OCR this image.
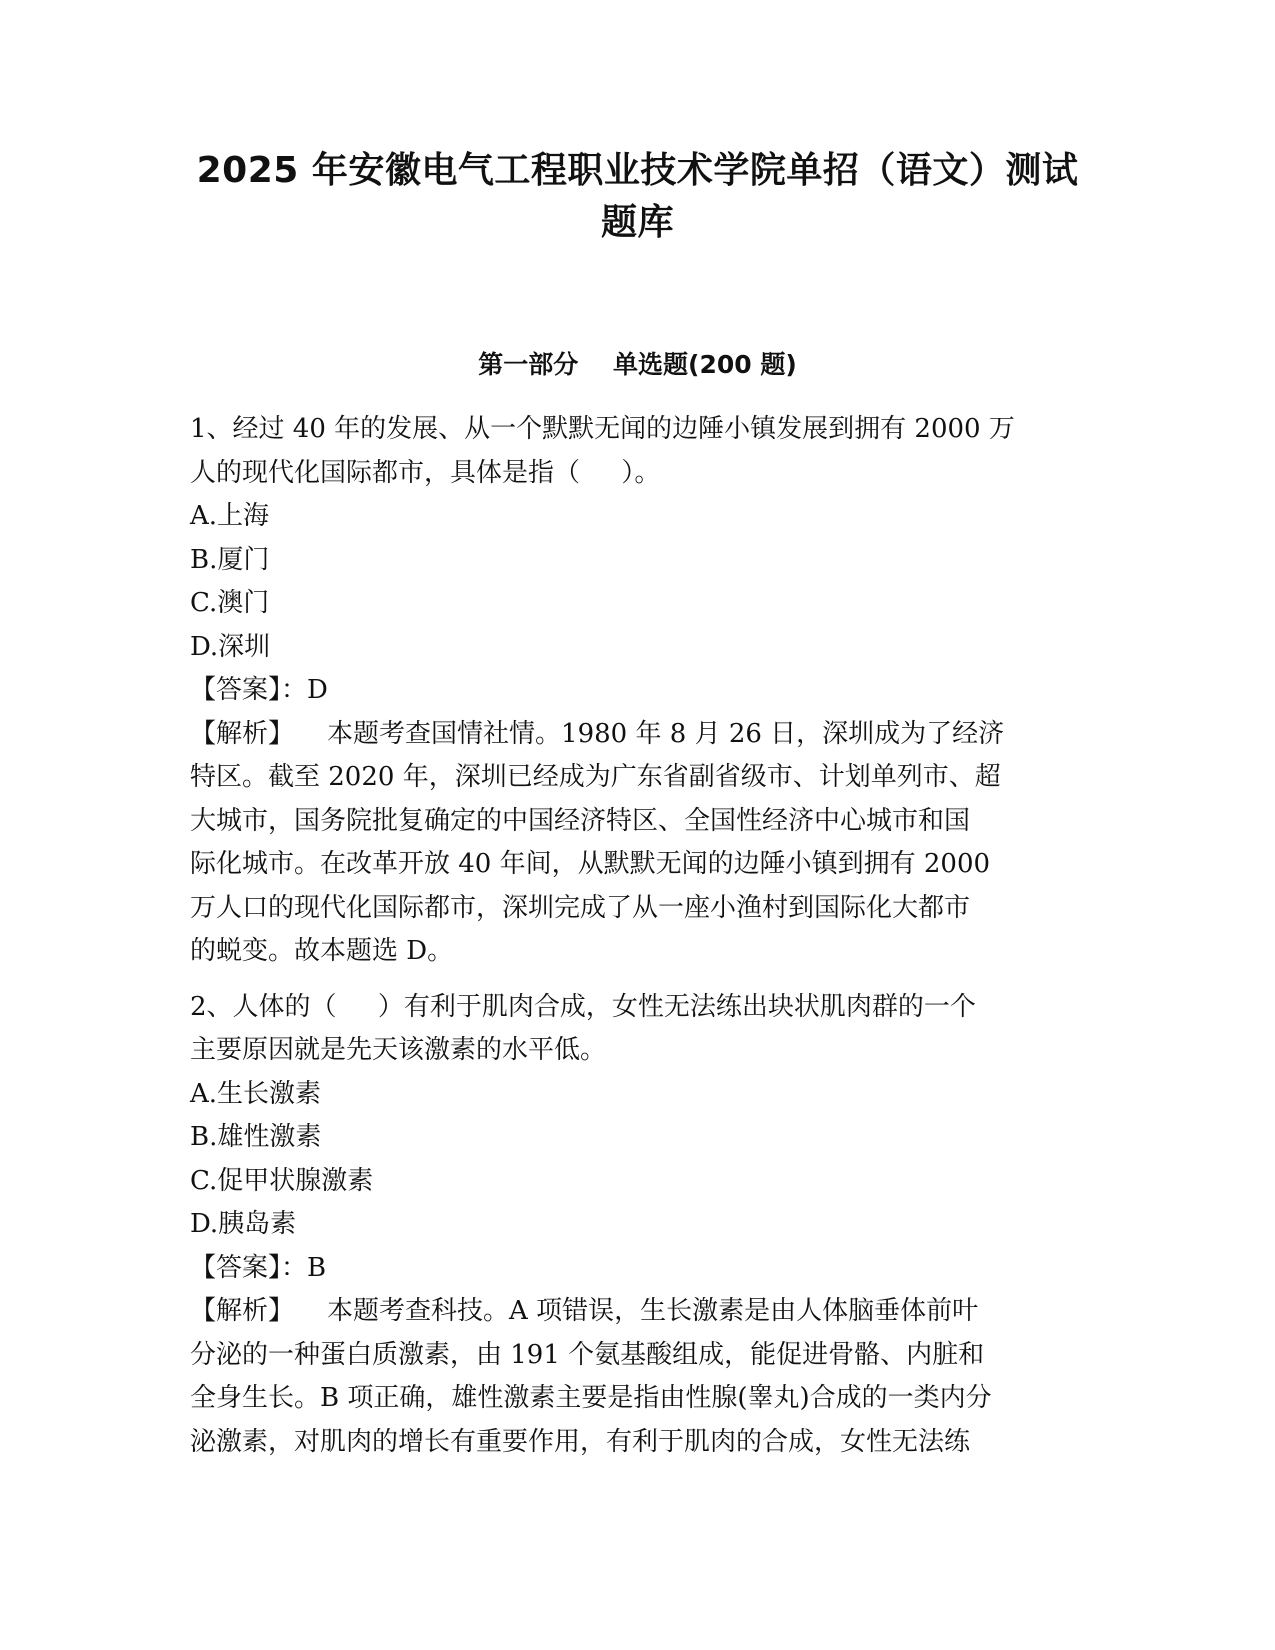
2025 年安徽电气工程职业技术学院单招（语文）测试
题库
第一部分    单选题(200 题)
1、经过 40 年的发展、从一个默默无闻的边陲小镇发展到拥有 2000 万
人的现代化国际都市，具体是指（     ）。
A.上海
B.厦门
C.澳门
D.深圳
【答案】：D
【解析】    本题考查国情社情。1980 年 8 月 26 日，深圳成为了经济
特区。截至 2020 年，深圳已经成为广东省副省级市、计划单列市、超
大城市，国务院批复确定的中国经济特区、全国性经济中心城市和国
际化城市。在改革开放 40 年间，从默默无闻的边陲小镇到拥有 2000
万人口的现代化国际都市，深圳完成了从一座小渔村到国际化大都市
的蜕变。故本题选 D。
2、人体的（     ）有利于肌肉合成，女性无法练出块状肌肉群的一个
主要原因就是先天该激素的水平低。
A.生长激素
B.雄性激素
C.促甲状腺激素
D.胰岛素
【答案】：B
【解析】    本题考查科技。A 项错误，生长激素是由人体脑垂体前叶
分泌的一种蛋白质激素，由 191 个氨基酸组成，能促进骨骼、内脏和
全身生长。B 项正确，雄性激素主要是指由性腺(睾丸)合成的一类内分
泌激素，对肌肉的增长有重要作用，有利于肌肉的合成，女性无法练
